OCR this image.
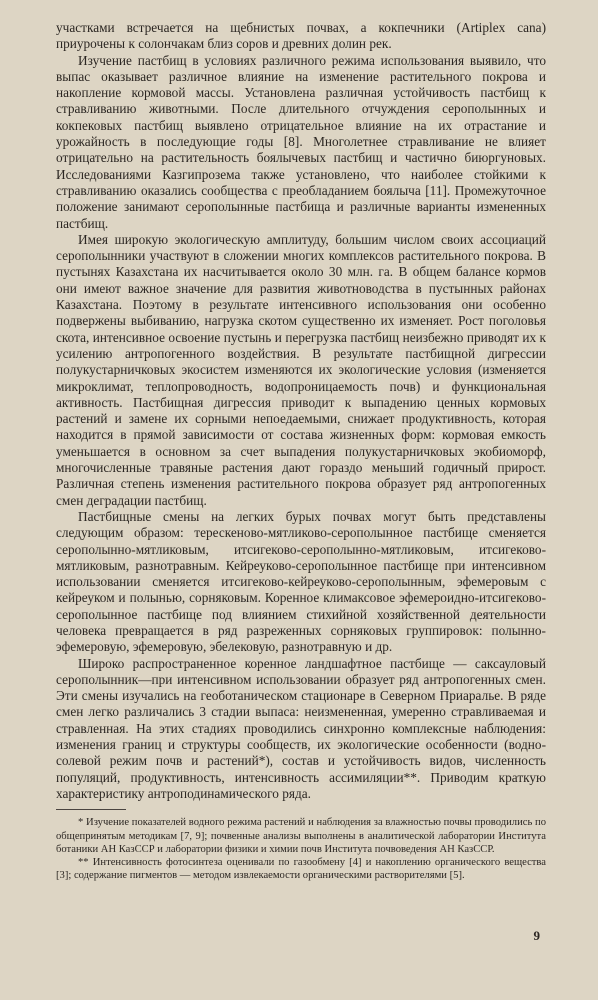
участками встречается на щебнистых почвах, а кокпечники (Artiplex cana) приурочены к солончакам близ соров и древних долин рек.

Изучение пастбищ в условиях различного режима использования выявило, что выпас оказывает различное влияние на изменение растительного покрова и накопление кормовой массы. Установлена различная устойчивость пастбищ к стравливанию животными. После длительного отчуждения серополынных и кокпековых пастбищ выявлено отрицательное влияние на их отрастание и урожайность в последующие годы [8]. Многолетнее стравливание не влияет отрицательно на растительность боялычевых пастбищ и частично биюргуновых. Исследованиями Казгипрозема также установлено, что наиболее стойкими к стравливанию оказались сообщества с преобладанием боялыча [11]. Промежуточное положение занимают серополынные пастбища и различные варианты измененных пастбищ.

Имея широкую экологическую амплитуду, большим числом своих ассоциаций серополынники участвуют в сложении многих комплексов растительного покрова. В пустынях Казахстана их насчитывается около 30 млн. га. В общем балансе кормов они имеют важное значение для развития животноводства в пустынных районах Казахстана. Поэтому в результате интенсивного использования они особенно подвержены выбиванию, нагрузка скотом существенно их изменяет. Рост поголовья скота, интенсивное освоение пустынь и перегрузка пастбищ неизбежно приводят их к усилению антропогенного воздействия. В результате пастбищной дигрессии полукустарничковых экосистем изменяются их экологические условия (изменяется микроклимат, теплопроводность, водопроницаемость почв) и функциональная активность. Пастбищная дигрессия приводит к выпадению ценных кормовых растений и замене их сорными непоедаемыми, снижает продуктивность, которая находится в прямой зависимости от состава жизненных форм: кормовая емкость уменьшается в основном за счет выпадения полукустарничковых экобиоморф, многочисленные травяные растения дают гораздо меньший годичный прирост. Различная степень изменения растительного покрова образует ряд антропогенных смен деградации пастбищ.

Пастбищные смены на легких бурых почвах могут быть представлены следующим образом: терескеново-мятликово-серополынное пастбище сменяется серополынно-мятликовым, итсигеково-серополынно-мятликовым, итсигеково-мятликовым, разнотравным. Кейреуково-серополынное пастбище при интенсивном использовании сменяется итсигеково-кейреуково-серополынным, эфемеровым с кейреуком и полынью, сорняковым. Коренное климаксовое эфемероидно-итсигеково-серополынное пастбище под влиянием стихийной хозяйственной деятельности человека превращается в ряд разреженных сорняковых группировок: полынно-эфемеровую, эфемеровую, эбелековую, разнотравную и др.

Широко распространенное коренное ландшафтное пастбище — саксауловый серополынник—при интенсивном использовании образует ряд антропогенных смен. Эти смены изучались на геоботаническом стационаре в Северном Приаралье. В ряде смен легко различались 3 стадии выпаса: неизмененная, умеренно стравливаемая и стравленная. На этих стадиях проводились синхронно комплексные наблюдения: изменения границ и структуры сообществ, их экологические особенности (водно-солевой режим почв и растений*), состав и устойчивость видов, численность популяций, продуктивность, интенсивность ассимиляции**. Приводим краткую характеристику антроподинамического ряда.

* Изучение показателей водного режима растений и наблюдения за влажностью почвы проводились по общепринятым методикам [7, 9]; почвенные анализы выполнены в аналитической лаборатории Института ботаники АН КазССР и лаборатории физики и химии почв Института почвоведения АН КазССР.

** Интенсивность фотосинтеза оценивали по газообмену [4] и накоплению органического вещества [3]; содержание пигментов — методом извлекаемости органическими растворителями [5].

9
